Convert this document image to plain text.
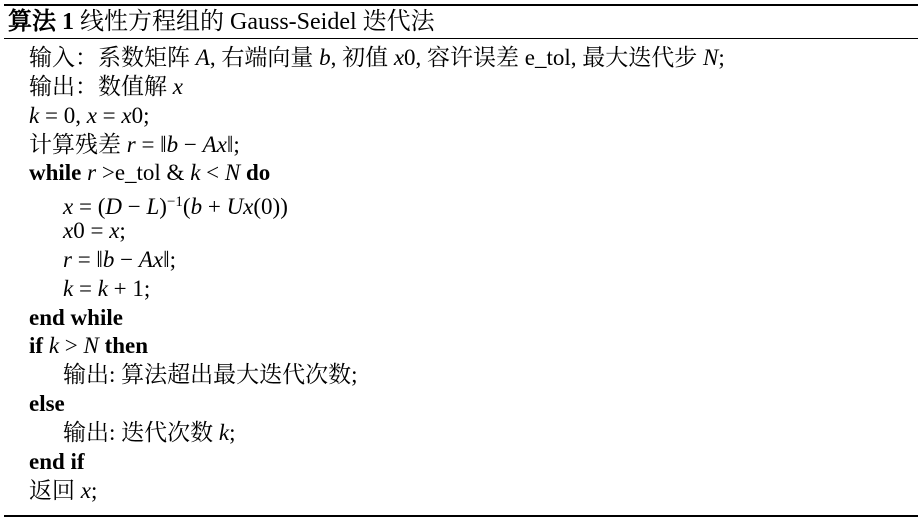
算法 1 线性方程组的 Gauss-Seidel 迭代法
输入：系数矩阵 A, 右端向量 b, 初值 x0, 容许误差 e_tol, 最大迭代步 N;
输出：数值解 x
k = 0, x = x0;
计算残差 r = ‖b − Ax‖;
while r >e_tol & k < N do
$x = (D - L)^{-1}(b + Ux(0))$
x0 = x;
r = ‖b − Ax‖;
k = k + 1;
end while
if k > N then
输出: 算法超出最大迭代次数;
else
输出: 迭代次数 k;
end if
返回 x;
